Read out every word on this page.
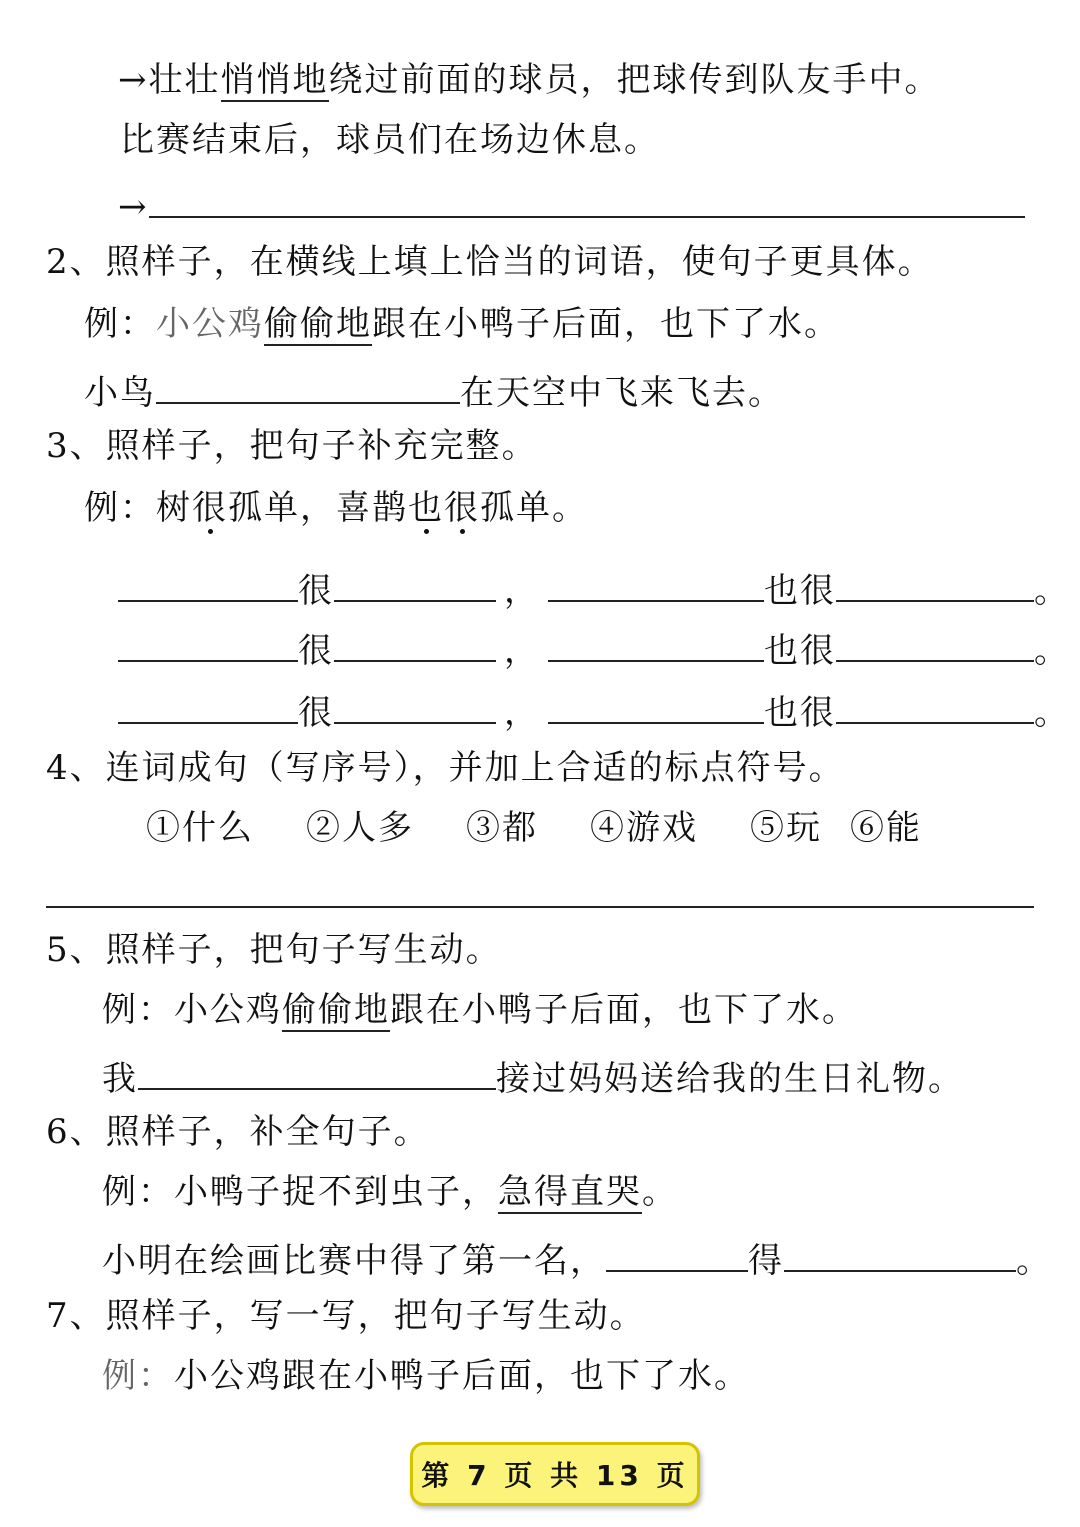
→壮壮悄悄地绕过前面的球员，把球传到队友手中。
比赛结束后，球员们在场边休息。
→
2、照样子，在横线上填上恰当的词语，使句子更具体。
例：小公鸡偷偷地跟在小鸭子后面，也下了水。
小鸟	在天空中飞来飞去。
3、照样子，把句子补充完整。
例：树很孤单，喜鹊也很孤单。
很	，	也很	。
很	，	也很	。
很	，	也很	。
4、连词成句（写序号），并加上合适的标点符号。
①什么 ②人多 ③都 ④游戏 ⑤玩 ⑥能
5、照样子，把句子写生动。
例：小公鸡偷偷地跟在小鸭子后面，也下了水。
我	接过妈妈送给我的生日礼物。
6、照样子，补全句子。
例：小鸭子捉不到虫子，急得直哭。
小明在绘画比赛中得了第一名，	得	。
7、照样子，写一写，把句子写生动。
例：小公鸡跟在小鸭子后面，也下了水。
第 7 页 共 13 页
